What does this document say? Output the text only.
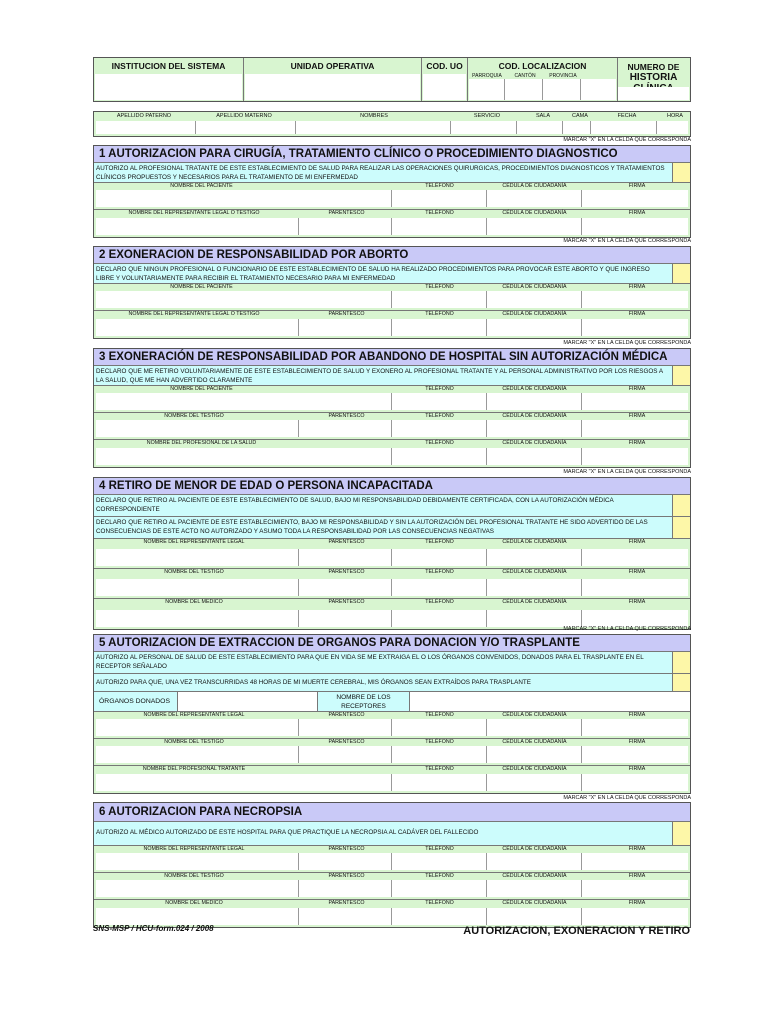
INSTITUCION DEL SISTEMA	UNIDAD OPERATIVA	COD. UO	COD. LOCALIZACION
PARROQUIA	CANTÓN	PROVINCIA
NUMERO DE
HISTORIA
APELLIDO PATERNO	APELLIDO MATERNO	NOMBRES	SERVICIO	SALA	CAMA	FECHA	HORA
MARCAR "X" EN LA CELDA QUE CORRESPONDA
1 AUTORIZACION PARA CIRUGÍA, TRATAMIENTO CLÍNICO O PROCEDIMIENTO DIAGNOSTICO
AUTORIZO AL PROFESIONAL TRATANTE DE ESTE ESTABLECIMIENTO DE SALUD PARA REALIZAR LAS OPERACIONES QUIRURGICAS, PROCEDIMIENTOS DIAGNOSTICOS Y TRATAMIENTOS CLÍNICOS PROPUESTOS Y NECESARIOS PARA EL TRATAMIENTO DE MI ENFERMEDAD
NOMBRE DEL PACIENTE	TELÉFONO	CÉDULA DE CIUDADANÍA	FIRMA
NOMBRE DEL REPRESENTANTE LEGAL O TESTIGO	PARENTESCO	TELÉFONO	CÉDULA DE CIUDADANÍA	FIRMA
MARCAR "X" EN LA CELDA QUE CORRESPONDA
2 EXONERACION DE RESPONSABILIDAD POR ABORTO
DECLARO QUE NINGUN PROFESIONAL O FUNCIONARIO DE ESTE ESTABLECIMIENTO DE SALUD HA REALIZADO PROCEDIMIENTOS PARA PROVOCAR ESTE ABORTO Y QUE INGRESO LIBRE Y VOLUNTARIAMENTE PARA RECIBIR EL TRATAMIENTO NECESARIO PARA MI ENFERMEDAD
NOMBRE DEL PACIENTE	TELÉFONO	CÉDULA DE CIUDADANÍA	FIRMA
NOMBRE DEL REPRESENTANTE LEGAL O TESTIGO	PARENTESCO	TELÉFONO	CÉDULA DE CIUDADANÍA	FIRMA
MARCAR "X" EN LA CELDA QUE CORRESPONDA
3 EXONERACIÓN DE RESPONSABILIDAD POR ABANDONO DE HOSPITAL SIN AUTORIZACIÓN MÉDICA
DECLARO QUE ME RETIRO VOLUNTARIAMENTE DE ESTE ESTABLECIMIENTO DE SALUD Y EXONERO AL PROFESIONAL TRATANTE Y AL PERSONAL ADMINISTRATIVO POR LOS RIESGOS A LA SALUD, QUE ME HAN ADVERTIDO CLARAMENTE
NOMBRE DEL PACIENTE	TELÉFONO	CÉDULA DE CIUDADANÍA	FIRMA
NOMBRE DEL TESTIGO	PARENTESCO	TELÉFONO	CÉDULA DE CIUDADANÍA	FIRMA
NOMBRE DEL PROFESIONAL DE LA SALUD	TELÉFONO	CÉDULA DE CIUDADANÍA	FIRMA
MARCAR "X" EN LA CELDA QUE CORRESPONDA
4 RETIRO DE MENOR DE EDAD O PERSONA INCAPACITADA
DECLARO QUE RETIRO AL PACIENTE DE ESTE ESTABLECIMIENTO DE SALUD, BAJO MI RESPONSABILIDAD DEBIDAMENTE CERTIFICADA, CON LA AUTORIZACIÓN MÉDICA CORRESPONDIENTE
DECLARO QUE RETIRO AL PACIENTE DE ESTE ESTABLECIMIENTO, BAJO MI RESPONSABILIDAD Y SIN LA AUTORIZACIÓN DEL PROFESIONAL TRATANTE HE SIDO ADVERTIDO DE LAS CONSECUENCIAS DE ESTE ACTO NO AUTORIZADO Y ASUMO TODA LA RESPONSABILIDAD POR LAS CONSECUENCIAS NEGATIVAS
NOMBRE DEL REPRESENTANTE LEGAL	PARENTESCO	TELÉFONO	CÉDULA DE CIUDADANÍA	FIRMA
NOMBRE DEL TESTIGO	PARENTESCO	TELÉFONO	CÉDULA DE CIUDADANÍA	FIRMA
NOMBRE DEL MEDICO	PARENTESCO	TELÉFONO	CÉDULA DE CIUDADANÍA	FIRMA
MARCAR "X" EN LA CELDA QUE CORRESPONDA
5 AUTORIZACION DE EXTRACCION DE ORGANOS PARA DONACION Y/O TRASPLANTE
AUTORIZO AL PERSONAL DE SALUD DE ESTE ESTABLECIMIENTO PARA QUE EN VIDA SE ME EXTRAIGA EL O LOS ÓRGANOS CONVENIDOS, DONADOS PARA EL TRASPLANTE EN EL RECEPTOR SEÑALADO
AUTORIZO PARA QUE, UNA VEZ TRANSCURRIDAS 48 HORAS DE MI MUERTE CEREBRAL, MIS ÓRGANOS SEAN EXTRAÍDOS PARA TRASPLANTE
ÓRGANOS DONADOS
NOMBRE DE LOS RECEPTORES
NOMBRE DEL REPRESENTANTE LEGAL	PARENTESCO	TELÉFONO	CÉDULA DE CIUDADANÍA	FIRMA
NOMBRE DEL TESTIGO	PARENTESCO	TELÉFONO	CÉDULA DE CIUDADANÍA	FIRMA
NOMBRE DEL PROFESIONAL TRATANTE	TELÉFONO	CÉDULA DE CIUDADANÍA	FIRMA
MARCAR "X" EN LA CELDA QUE CORRESPONDA
6 AUTORIZACION PARA NECROPSIA
AUTORIZO AL MÉDICO AUTORIZADO DE ESTE HOSPITAL PARA QUE PRACTIQUE LA NECROPSIA AL CADÁVER DEL FALLECIDO
NOMBRE DEL REPRESENTANTE LEGAL	PARENTESCO	TELÉFONO	CÉDULA DE CIUDADANÍA	FIRMA
NOMBRE DEL TESTIGO	PARENTESCO	TELÉFONO	CÉDULA DE CIUDADANÍA	FIRMA
NOMBRE DEL MEDICO	PARENTESCO	TELÉFONO	CÉDULA DE CIUDADANÍA	FIRMA
SNS-MSP / HCU-form.024 / 2008	AUTORIZACION, EXONERACION Y RETIRO
